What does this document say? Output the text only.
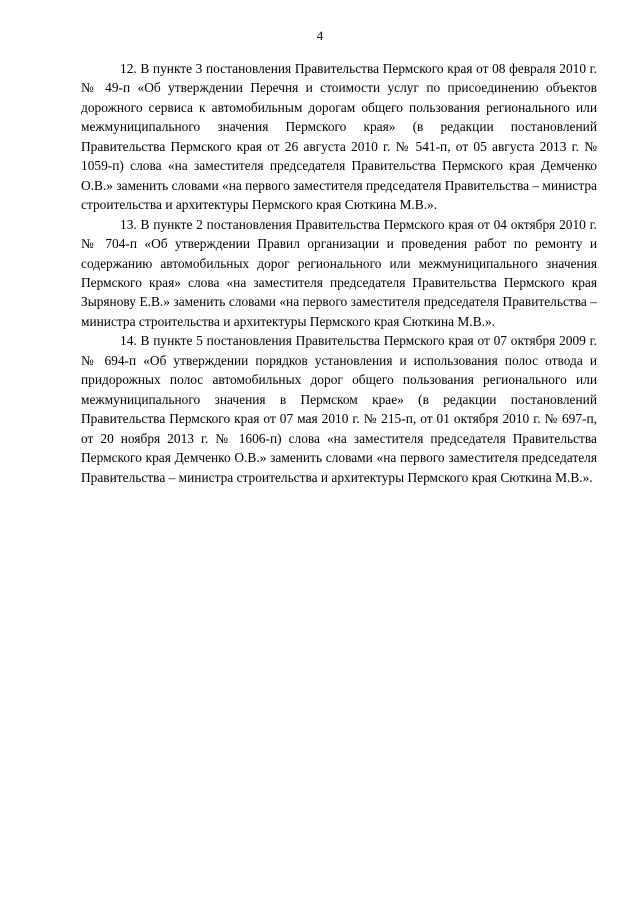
4

12. В пункте 3 постановления Правительства Пермского края от 08 февраля 2010 г. № 49-п «Об утверждении Перечня и стоимости услуг по присоединению объектов дорожного сервиса к автомобильным дорогам общего пользования регионального или межмуниципального значения Пермского края» (в редакции постановлений Правительства Пермского края от 26 августа 2010 г. № 541-п, от 05 августа 2013 г. № 1059-п) слова «на заместителя председателя Правительства Пермского края Демченко О.В.» заменить словами «на первого заместителя председателя Правительства – министра строительства и архитектуры Пермского края Сюткина М.В.».

13. В пункте 2 постановления Правительства Пермского края от 04 октября 2010 г. № 704-п «Об утверждении Правил организации и проведения работ по ремонту и содержанию автомобильных дорог регионального или межмуниципального значения Пермского края» слова «на заместителя председателя Правительства Пермского края Зырянову Е.В.» заменить словами «на первого заместителя председателя Правительства – министра строительства и архитектуры Пермского края Сюткина М.В.».

14. В пункте 5 постановления Правительства Пермского края от 07 октября 2009 г. № 694-п «Об утверждении порядков установления и использования полос отвода и придорожных полос автомобильных дорог общего пользования регионального или межмуниципального значения в Пермском крае» (в редакции постановлений Правительства Пермского края от 07 мая 2010 г. № 215-п, от 01 октября 2010 г. № 697-п, от 20 ноября 2013 г. № 1606-п) слова «на заместителя председателя Правительства Пермского края Демченко О.В.» заменить словами «на первого заместителя председателя Правительства – министра строительства и архитектуры Пермского края Сюткина М.В.».
